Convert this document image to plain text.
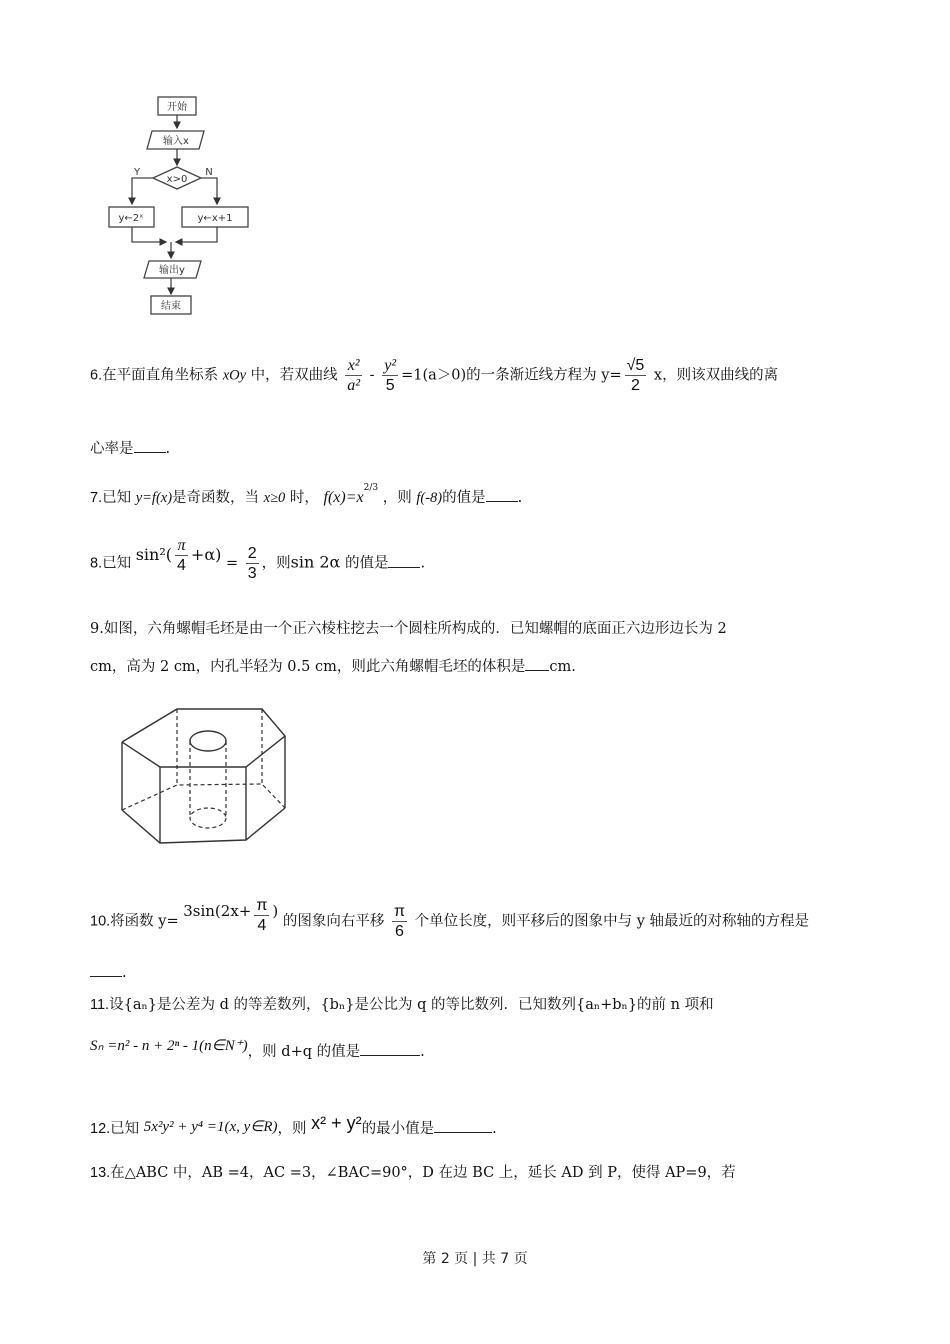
开始
输入x
x>0
Y	N
y←2ˣ	y←x+1
输出y
结束
6.在平面直角坐标系 xOy 中，若双曲线 $\frac{\text{x²}}{\text{a²}} - \frac{\text{y²}}{5} =1(a>0)$的一条渐近线方程为 $y= \frac{√5}{2}$ x，则该双曲线的离
心率是 .
7.已知 y=f(x)是奇函数，当 x≥0 时， $f(x)=x^{2/3}$ ，则 f(-8)的值是 .
8.已知 $\sin^2( \frac{\pi}{4} +\alpha) = \frac{2}{3}$ ，则sin 2α 的值是 .
9.如图，六角螺帽毛坯是由一个正六棱柱挖去一个圆柱所构成的．已知螺帽的底面正六边形边长为 2
cm，高为 2 cm，内孔半轻为 0.5 cm，则此六角螺帽毛坯的体积是 cm.
10.将函数 $y= 3\sin(2x+ \frac{\pi}{4}$ ) 的图象向右平移 $\frac{\pi}{6}$ 个单位长度，则平移后的图象中与 y 轴最近的对称轴的方程是
.
11.设{aₙ}是公差为 d 的等差数列，{bₙ}是公比为 q 的等比数列．已知数列{aₙ+bₙ}的前 n 项和
Sₙ =n² - n + 2ⁿ - 1(n∈N⁺)，则 d+q 的值是	.
12.已知 5x²y² + y⁴ =1(x, y∈R)，则 x² + y²的最小值是	.
13.在△ABC 中，AB =4，AC =3，∠BAC=90°，D 在边 BC 上，延长 AD 到 P，使得 AP=9，若
第 2 页 | 共 7 页
